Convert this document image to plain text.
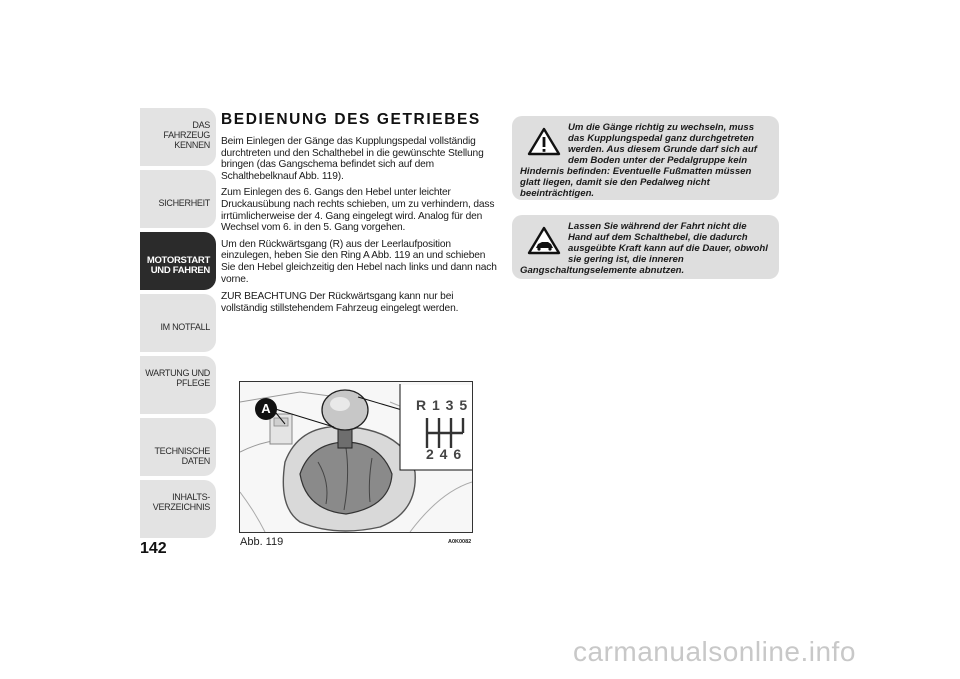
DAS FAHRZEUG KENNEN
SICHERHEIT
MOTORSTART UND FAHREN
IM NOTFALL
WARTUNG UND PFLEGE
TECHNISCHE DATEN
INHALTS-VERZEICHNIS
142
BEDIENUNG DES GETRIEBES

Beim Einlegen der Gänge das Kupplungspedal vollständig durchtreten und den Schalthebel in die gewünschte Stellung bringen (das Gangschema befindet sich auf dem Schalthebelknauf Abb. 119).

Zum Einlegen des 6. Gangs den Hebel unter leichter Druckausübung nach rechts schieben, um zu verhindern, dass irrtümlicherweise der 4. Gang eingelegt wird. Analog für den Wechsel vom 6. in den 5. Gang vorgehen.

Um den Rückwärtsgang (R) aus der Leerlaufposition einzulegen, heben Sie den Ring A Abb. 119 an und schieben Sie den Hebel gleichzeitig den Hebel nach links und dann nach vorne.

ZUR BEACHTUNG Der Rückwärtsgang kann nur bei vollständig stillstehendem Fahrzeug eingelegt werden.

Um die Gänge richtig zu wechseln, muss das Kupplungspedal ganz durchgetreten werden. Aus diesem Grunde darf sich auf dem Boden unter der Pedalgruppe kein Hindernis befinden: Eventuelle Fußmatten müssen glatt liegen, damit sie den Pedalweg nicht beeinträchtigen.
Lassen Sie während der Fahrt nicht die Hand auf dem Schalthebel, die dadurch ausgeübte Kraft kann auf die Dauer, obwohl sie gering ist, die inneren Gangschaltungselemente abnutzen.
R 1 3 5
2 4 6
A
Abb. 119	A0K0082
carmanualsonline.info
